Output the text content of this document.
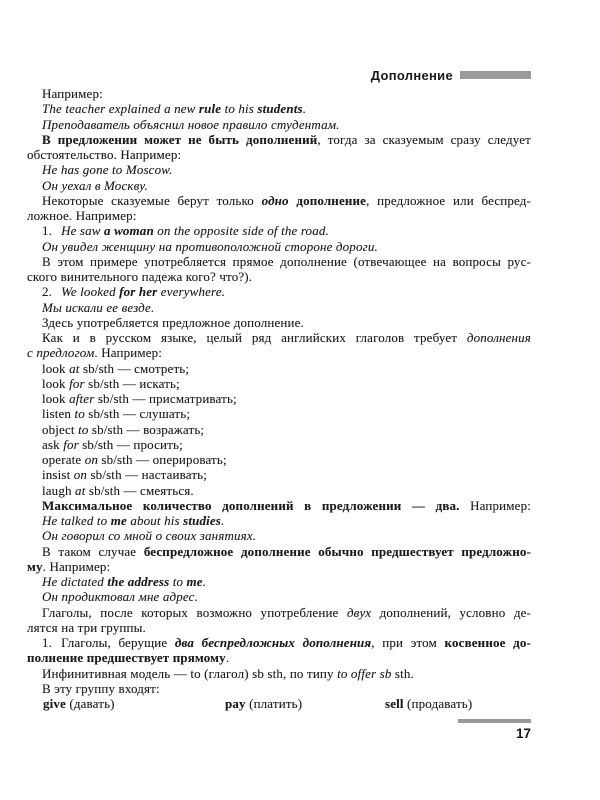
Дополнение
Например:
The teacher explained a new rule to his students.
Преподаватель объяснил новое правило студентам.
В предложении может не быть дополнений, тогда за сказуемым сразу следует
обстоятельство. Например:
He has gone to Moscow.
Он уехал в Москву.
Некоторые сказуемые берут только одно дополнение, предложное или беспред-
ложное. Например:
1. He saw a woman on the opposite side of the road.
Он увидел женщину на противоположной стороне дороги.
В этом примере употребляется прямое дополнение (отвечающее на вопросы рус-
ского винительного падежа кого? что?).
2. We looked for her everywhere.
Мы искали ее везде.
Здесь употребляется предложное дополнение.
Как и в русском языке, целый ряд английских глаголов требует дополнения
с предлогом. Например:
look at sb/sth — смотреть;
look for sb/sth — искать;
look after sb/sth — присматривать;
listen to sb/sth — слушать;
object to sb/sth — возражать;
ask for sb/sth — просить;
operate on sb/sth — оперировать;
insist on sb/sth — настаивать;
laugh at sb/sth — смеяться.
Максимальное количество дополнений в предложении — два. Например:
He talked to me about his studies.
Он говорил со мной о своих занятиях.
В таком случае беспредложное дополнение обычно предшествует предложно-
му. Например:
He dictated the address to me.
Он продиктовал мне адрес.
Глаголы, после которых возможно употребление двух дополнений, условно де-
лятся на три группы.
1. Глаголы, берущие два беспредложных дополнения, при этом косвенное до-
полнение предшествует прямому.
Инфинитивная модель — to (глагол) sb sth, по типу to offer sb sth.
В эту группу входят:
give (давать)	pay (платить)	sell (продавать)
17
